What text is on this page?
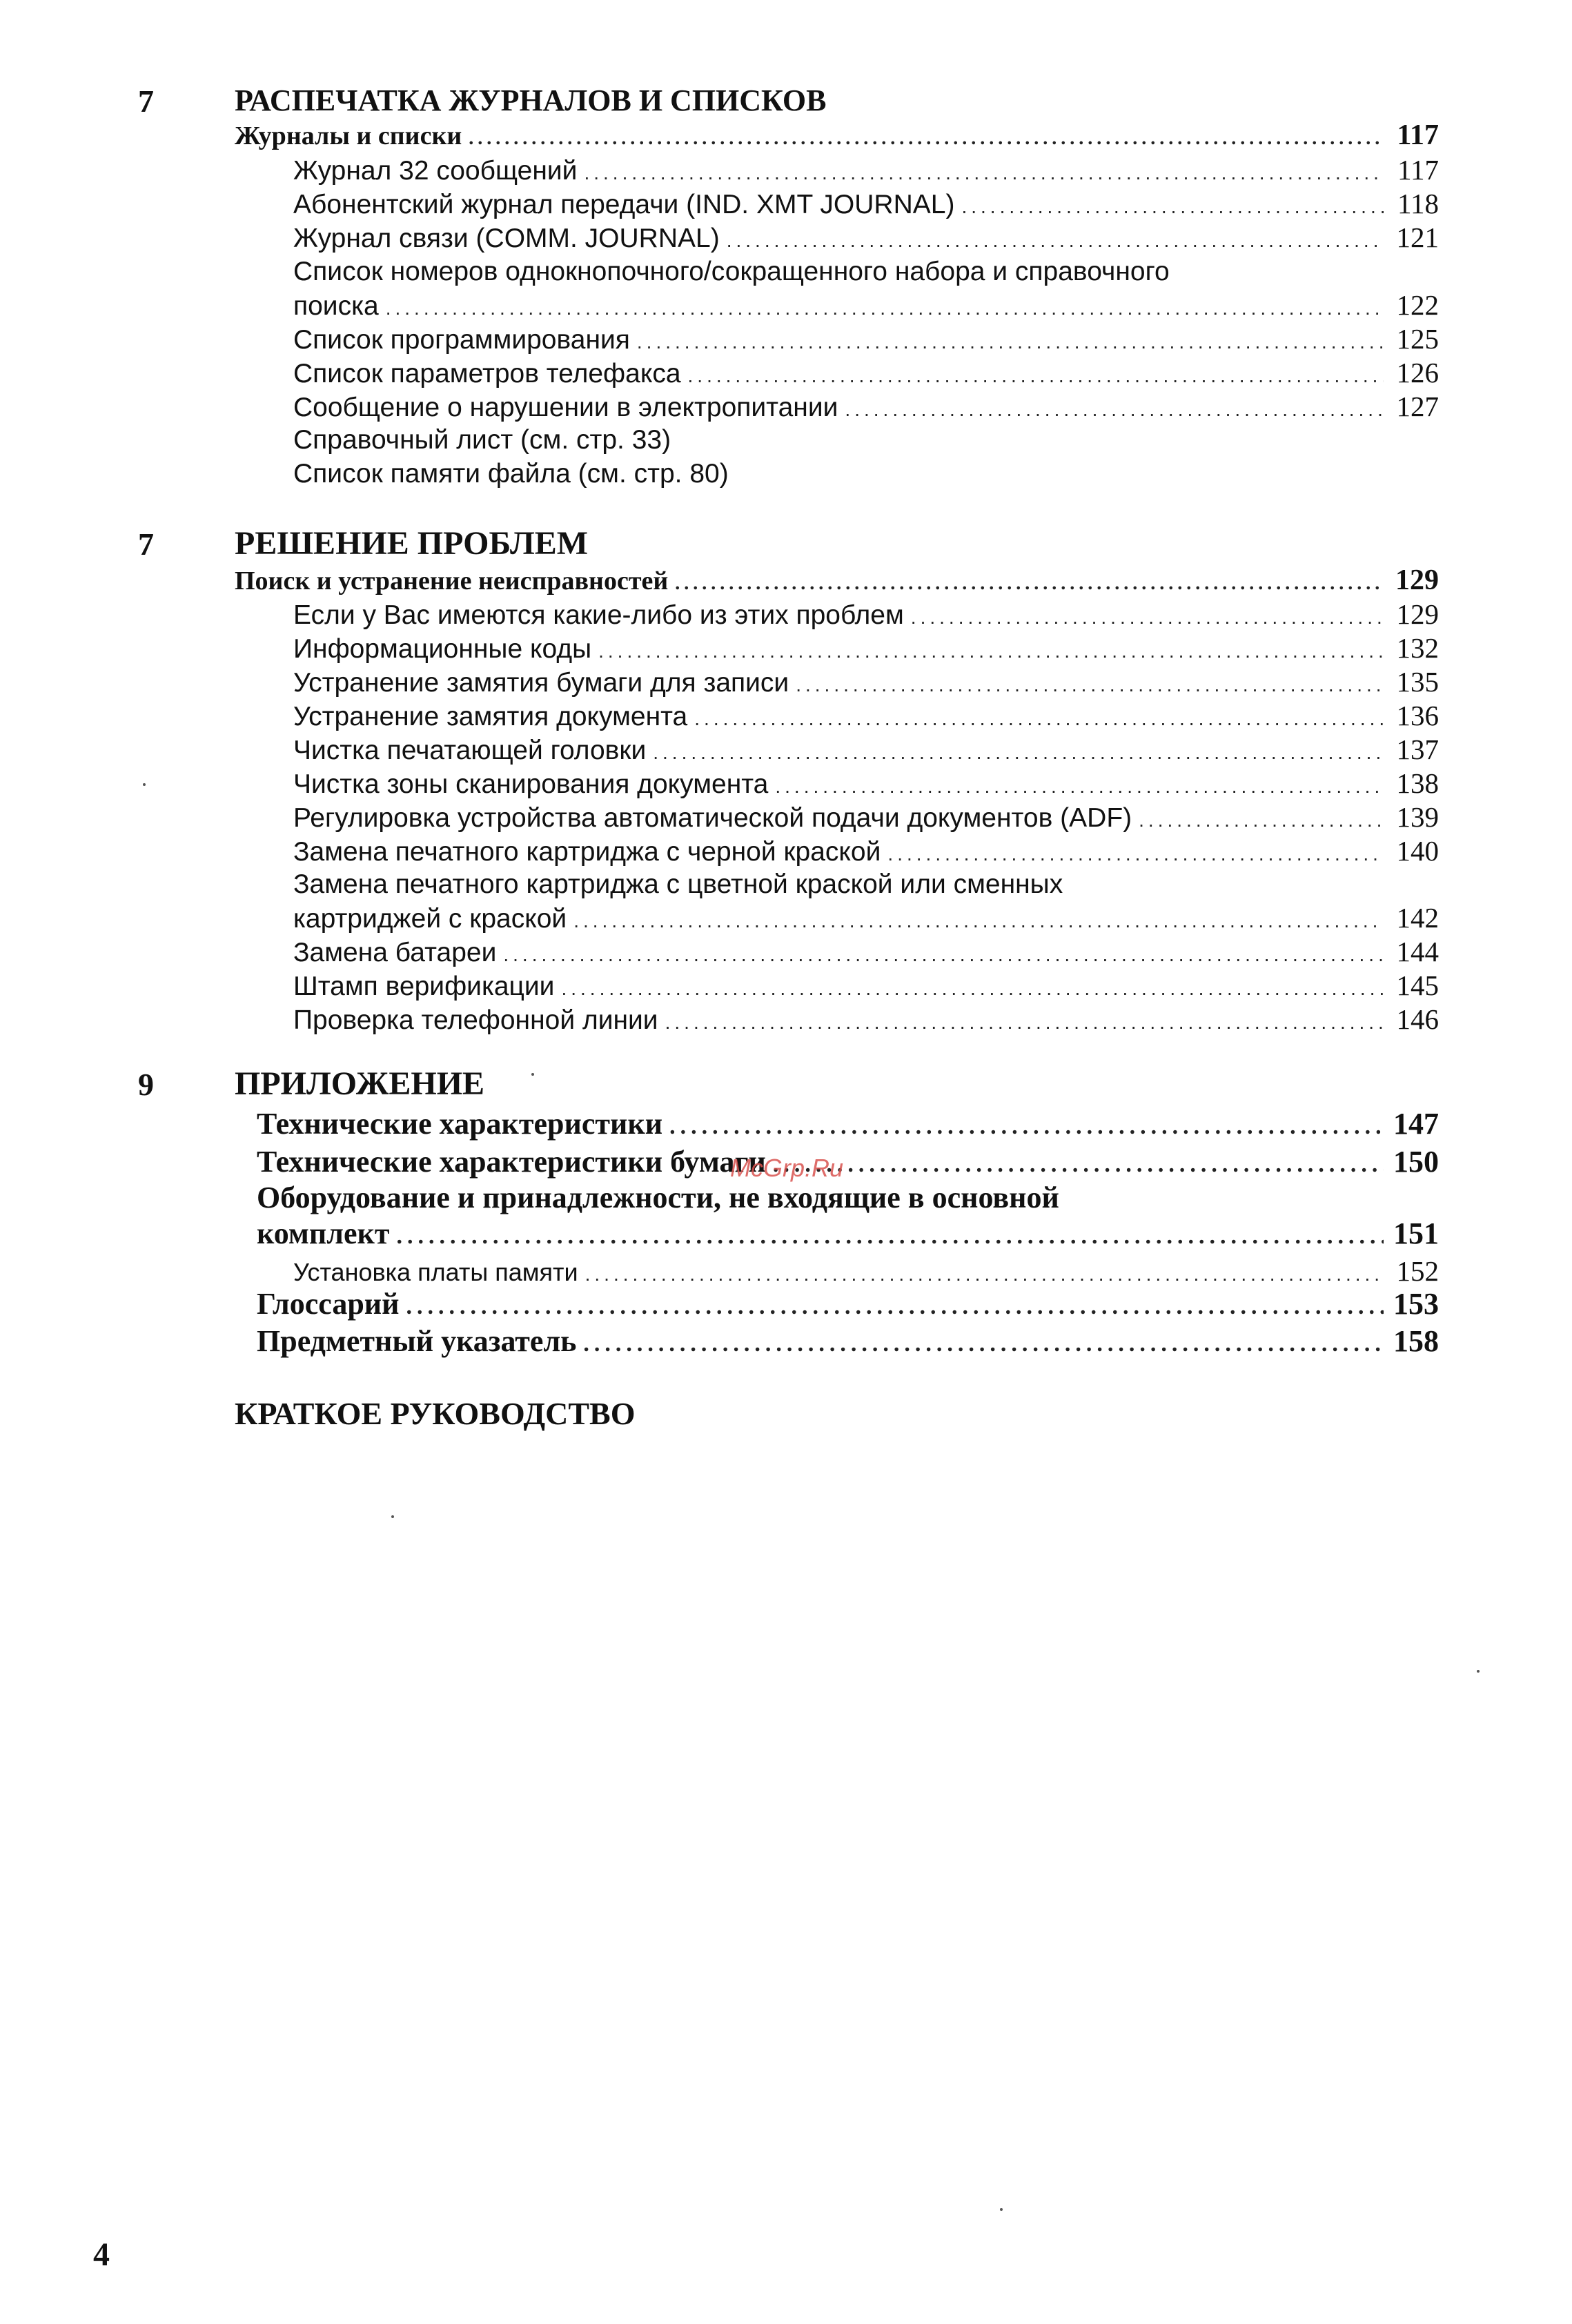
7	РАСПЕЧАТКА ЖУРНАЛОВ И СПИСКОВ
Журналы и списки .....	117
Журнал 32 сообщений .....	117
Абонентский журнал передачи (IND. XMT JOURNAL) .....	118
Журнал связи (COMM. JOURNAL) .....	121
Список номеров однокнопочного/сокращенного набора и справочного
поиска .....	122
Список программирования .....	125
Список параметров телефакса .....	126
Сообщение о нарушении в электропитании .....	127
Справочный лист (см. стр. 33)
Список памяти файла (см. стр. 80)
7 РЕШЕНИЕ ПРОБЛЕМ
Поиск и устранение неисправностей .....	129
Если у Вас имеются какие-либо из этих проблем .....	129
Информационные коды .....	132
Устранение замятия бумаги для записи .....	135
Устранение замятия документа .....	136
Чистка печатающей головки .....	137
Чистка зоны сканирования документа .....	138
Регулировка устройства автоматической подачи документов (ADF) .....	139
Замена печатного картриджа с черной краской .....	140
Замена печатного картриджа с цветной краской или сменных
картриджей с краской .....	142
Замена батареи .....	144
Штамп верификации .....	145
Проверка телефонной линии .....	146
9 ПРИЛОЖЕНИЕ
Технические характеристики .....	147
Технические характеристики бумаги .....	150
Оборудование и принадлежности, не входящие в основной
комплект .....	151
Установка платы памяти .....	152
Глоссарий .....	153
Предметный указатель .....	158
КРАТКОЕ РУКОВОДСТВО
McGrp.Ru
4
